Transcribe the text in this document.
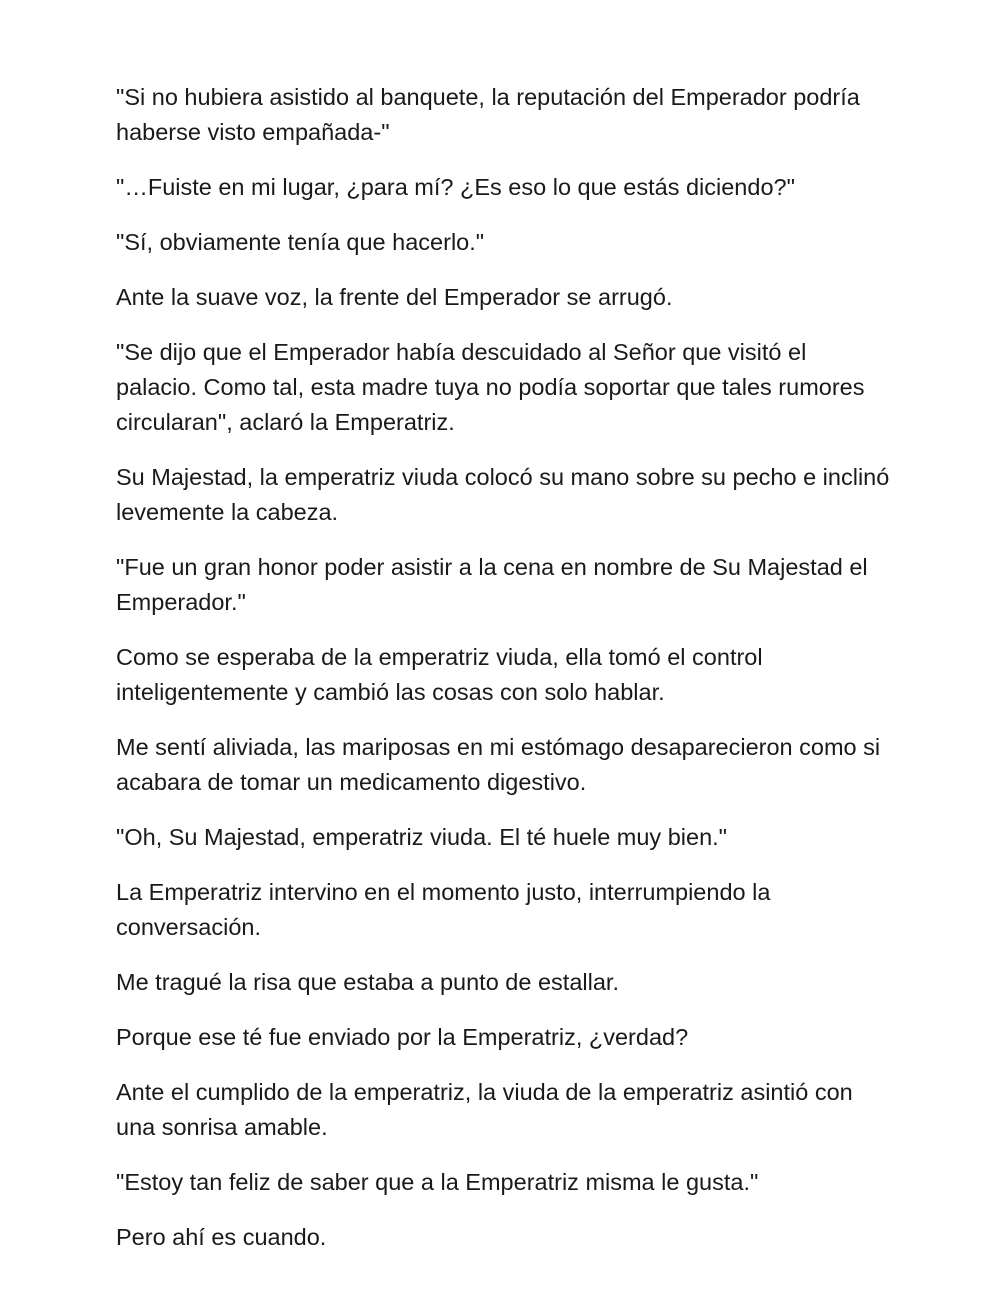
"Si no hubiera asistido al banquete, la reputación del Emperador podría haberse visto empañada-"

"…Fuiste en mi lugar, ¿para mí? ¿Es eso lo que estás diciendo?"

"Sí, obviamente tenía que hacerlo."

Ante la suave voz, la frente del Emperador se arrugó.

"Se dijo que el Emperador había descuidado al Señor que visitó el palacio. Como tal, esta madre tuya no podía soportar que tales rumores circularan", aclaró la Emperatriz.

Su Majestad, la emperatriz viuda colocó su mano sobre su pecho e inclinó levemente la cabeza.

"Fue un gran honor poder asistir a la cena en nombre de Su Majestad el Emperador."

Como se esperaba de la emperatriz viuda, ella tomó el control inteligentemente y cambió las cosas con solo hablar.

Me sentí aliviada, las mariposas en mi estómago desaparecieron como si acabara de tomar un medicamento digestivo.

"Oh, Su Majestad, emperatriz viuda. El té huele muy bien."

La Emperatriz intervino en el momento justo, interrumpiendo la conversación.

Me tragué la risa que estaba a punto de estallar.

Porque ese té fue enviado por la Emperatriz, ¿verdad?

Ante el cumplido de la emperatriz, la viuda de la emperatriz asintió con una sonrisa amable.

"Estoy tan feliz de saber que a la Emperatriz misma le gusta."

Pero ahí es cuando.
